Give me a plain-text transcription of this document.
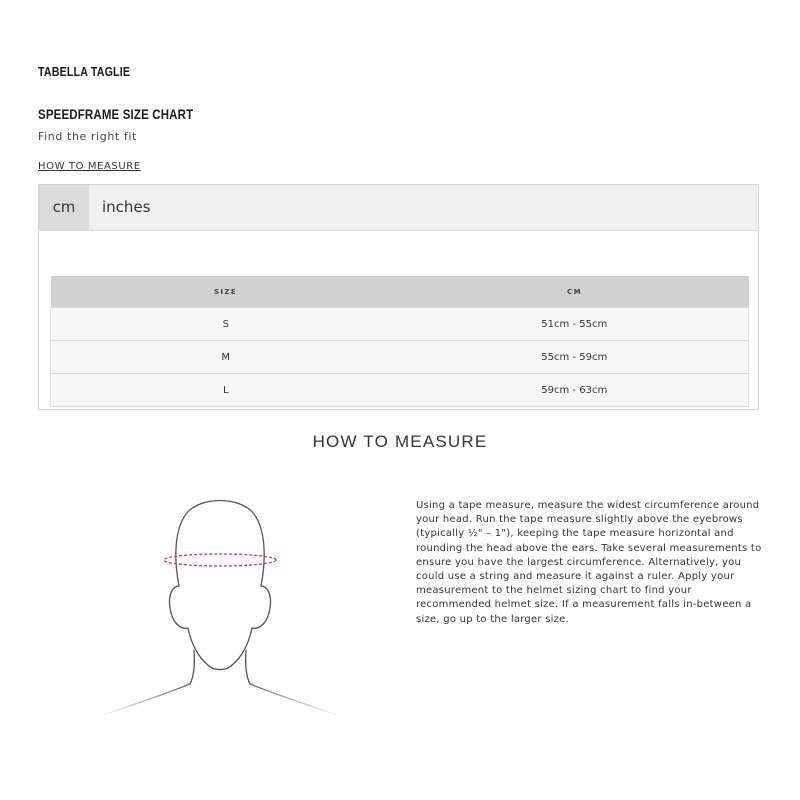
TABELLA TAGLIE
SPEEDFRAME SIZE CHART
Find the right fit
HOW TO MEASURE
cm	inches
SIZE	CM
S	51cm - 55cm
M	55cm - 59cm
L	59cm - 63cm
HOW TO MEASURE
Using a tape measure, measure the widest circumference around your head. Run the tape measure slightly above the eyebrows (typically ½" – 1"), keeping the tape measure horizontal and rounding the head above the ears. Take several measurements to ensure you have the largest circumference. Alternatively, you could use a string and measure it against a ruler. Apply your measurement to the helmet sizing chart to find your recommended helmet size. If a measurement falls in-between a size, go up to the larger size.
